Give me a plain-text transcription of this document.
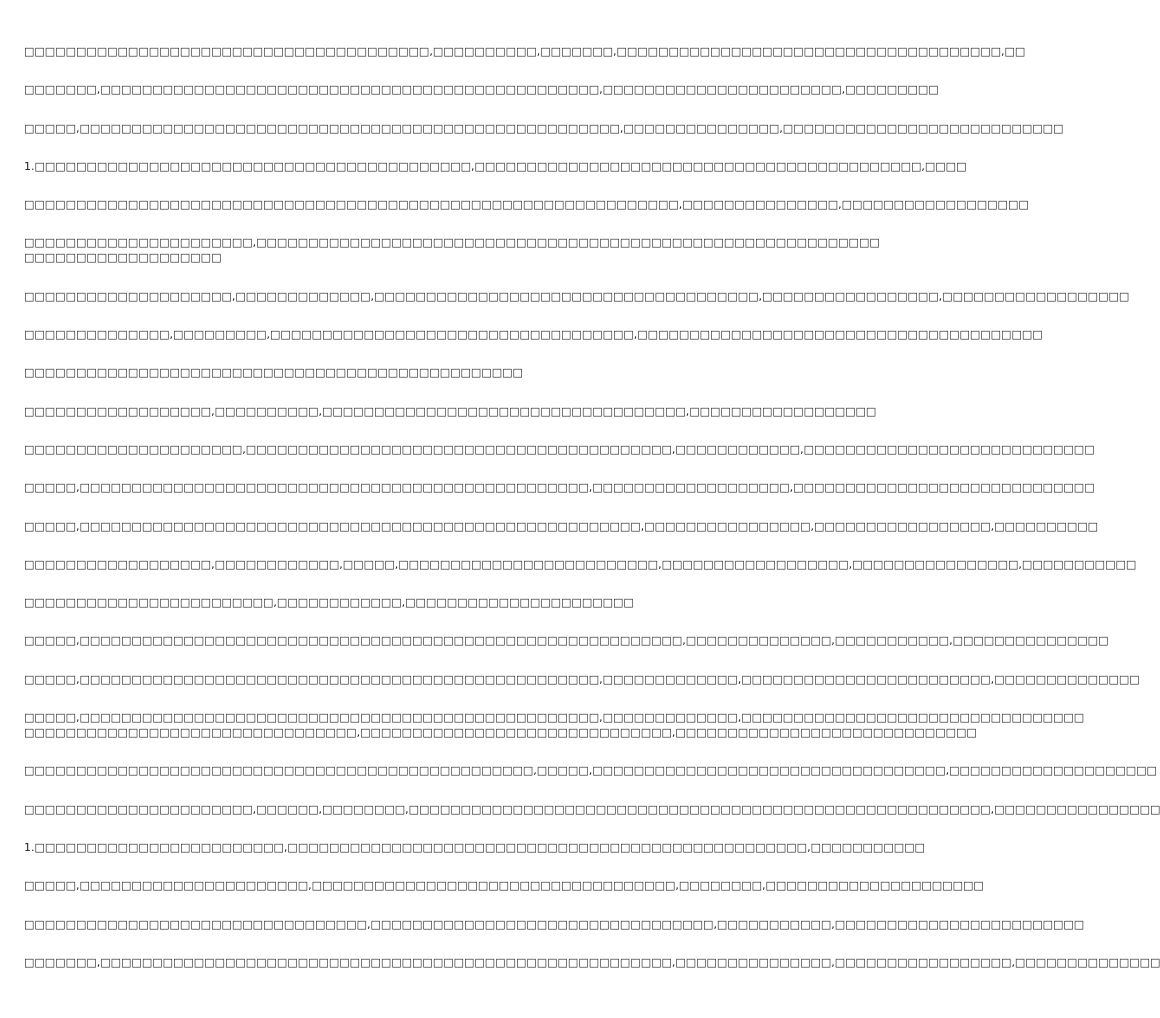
□□□□□□□□□□□□□□□□□□□□□□□□□□□□□□□□□□□□□□□,□□□□□□□□□□,□□□□□□□,□□□□□□□□□□□□□□□□□□□□□□□□□□□□□□□□□□□□□,□□
□□□□□□□,□□□□□□□□□□□□□□□□□□□□□□□□□□□□□□□□□□□□□□□□□□□□□□□□,□□□□□□□□□□□□□□□□□□□□□□□,□□□□□□□□□
□□□□□,□□□□□□□□□□□□□□□□□□□□□□□□□□□□□□□□□□□□□□□□□□□□□□□□□□□□,□□□□□□□□□□□□□□□,□□□□□□□□□□□□□□□□□□□□□□□□□□□
1.□□□□□□□□□□□□□□□□□□□□□□□□□□□□□□□□□□□□□□□□□□,□□□□□□□□□□□□□□□□□□□□□□□□□□□□□□□□□□□□□□□□□□□,□□□□
□□□□□□□□□□□□□□□□□□□□□□□□□□□□□□□□□□□□□□□□□□□□□□□□□□□□□□□□□□□□□□□,□□□□□□□□□□□□□□□,□□□□□□□□□□□□□□□□□□
□□□□□□□□□□□□□□□□□□□□□□,□□□□□□□□□□□□□□□□□□□□□□□□□□□□□□□□□□□□□□□□□□□□□□□□□□□□□□□□□□□□
□□□□□□□□□□□□□□□□□□□
□□□□□□□□□□□□□□□□□□□□,□□□□□□□□□□□□□,□□□□□□□□□□□□□□□□□□□□□□□□□□□□□□□□□□□□□,□□□□□□□□□□□□□□□□□,□□□□□□□□□□□□□□□□□□
□□□□□□□□□□□□□□,□□□□□□□□□,□□□□□□□□□□□□□□□□□□□□□□□□□□□□□□□□□□□,□□□□□□□□□□□□□□□□□□□□□□□□□□□□□□□□□□□□□□□
□□□□□□□□□□□□□□□□□□□□□□□□□□□□□□□□□□□□□□□□□□□□□□□□
□□□□□□□□□□□□□□□□□□,□□□□□□□□□□,□□□□□□□□□□□□□□□□□□□□□□□□□□□□□□□□□□□,□□□□□□□□□□□□□□□□□□
□□□□□□□□□□□□□□□□□□□□□,□□□□□□□□□□□□□□□□□□□□□□□□□□□□□□□□□□□□□□□□□,□□□□□□□□□□□□,□□□□□□□□□□□□□□□□□□□□□□□□□□□□
□□□□□,□□□□□□□□□□□□□□□□□□□□□□□□□□□□□□□□□□□□□□□□□□□□□□□□□,□□□□□□□□□□□□□□□□□□□,□□□□□□□□□□□□□□□□□□□□□□□□□□□□□
□□□□□,□□□□□□□□□□□□□□□□□□□□□□□□□□□□□□□□□□□□□□□□□□□□□□□□□□□□□□,□□□□□□□□□□□□□□□□,□□□□□□□□□□□□□□□□□,□□□□□□□□□□
□□□□□□□□□□□□□□□□□□,□□□□□□□□□□□□,□□□□□,□□□□□□□□□□□□□□□□□□□□□□□□□,□□□□□□□□□□□□□□□□□□,□□□□□□□□□□□□□□□□,□□□□□□□□□□□
□□□□□□□□□□□□□□□□□□□□□□□□,□□□□□□□□□□□□,□□□□□□□□□□□□□□□□□□□□□□
□□□□□,□□□□□□□□□□□□□□□□□□□□□□□□□□□□□□□□□□□□□□□□□□□□□□□□□□□□□□□□□□,□□□□□□□□□□□□□□,□□□□□□□□□□□,□□□□□□□□□□□□□□□
□□□□□,□□□□□□□□□□□□□□□□□□□□□□□□□□□□□□□□□□□□□□□□□□□□□□□□□□,□□□□□□□□□□□□□,□□□□□□□□□□□□□□□□□□□□□□□□,□□□□□□□□□□□□□□
□□□□□,□□□□□□□□□□□□□□□□□□□□□□□□□□□□□□□□□□□□□□□□□□□□□□□□□□,□□□□□□□□□□□□□,□□□□□□□□□□□□□□□□□□□□□□□□□□□□□□□□□
□□□□□□□□□□□□□□□□□□□□□□□□□□□□□□□□,□□□□□□□□□□□□□□□□□□□□□□□□□□□□□□,□□□□□□□□□□□□□□□□□□□□□□□□□□□□□
□□□□□□□□□□□□□□□□□□□□□□□□□□□□□□□□□□□□□□□□□□□□□□□□□,□□□□□,□□□□□□□□□□□□□□□□□□□□□□□□□□□□□□□□□□,□□□□□□□□□□□□□□□□□□□□
□□□□□□□□□□□□□□□□□□□□□□,□□□□□□,□□□□□□□□,□□□□□□□□□□□□□□□□□□□□□□□□□□□□□□□□□□□□□□□□□□□□□□□□□□□□□□□□,□□□□□□□□□□□□□□□□
1.□□□□□□□□□□□□□□□□□□□□□□□□,□□□□□□□□□□□□□□□□□□□□□□□□□□□□□□□□□□□□□□□□□□□□□□□□□□,□□□□□□□□□□□
□□□□□,□□□□□□□□□□□□□□□□□□□□□□,□□□□□□□□□□□□□□□□□□□□□□□□□□□□□□□□□□□,□□□□□□□□,□□□□□□□□□□□□□□□□□□□□□
□□□□□□□□□□□□□□□□□□□□□□□□□□□□□□□□□,□□□□□□□□□□□□□□□□□□□□□□□□□□□□□□□□□,□□□□□□□□□□□,□□□□□□□□□□□□□□□□□□□□□□□□
□□□□□□□,□□□□□□□□□□□□□□□□□□□□□□□□□□□□□□□□□□□□□□□□□□□□□□□□□□□□□□□,□□□□□□□□□□□□□□□,□□□□□□□□□□□□□□□□□,□□□□□□□□□□□□□□
